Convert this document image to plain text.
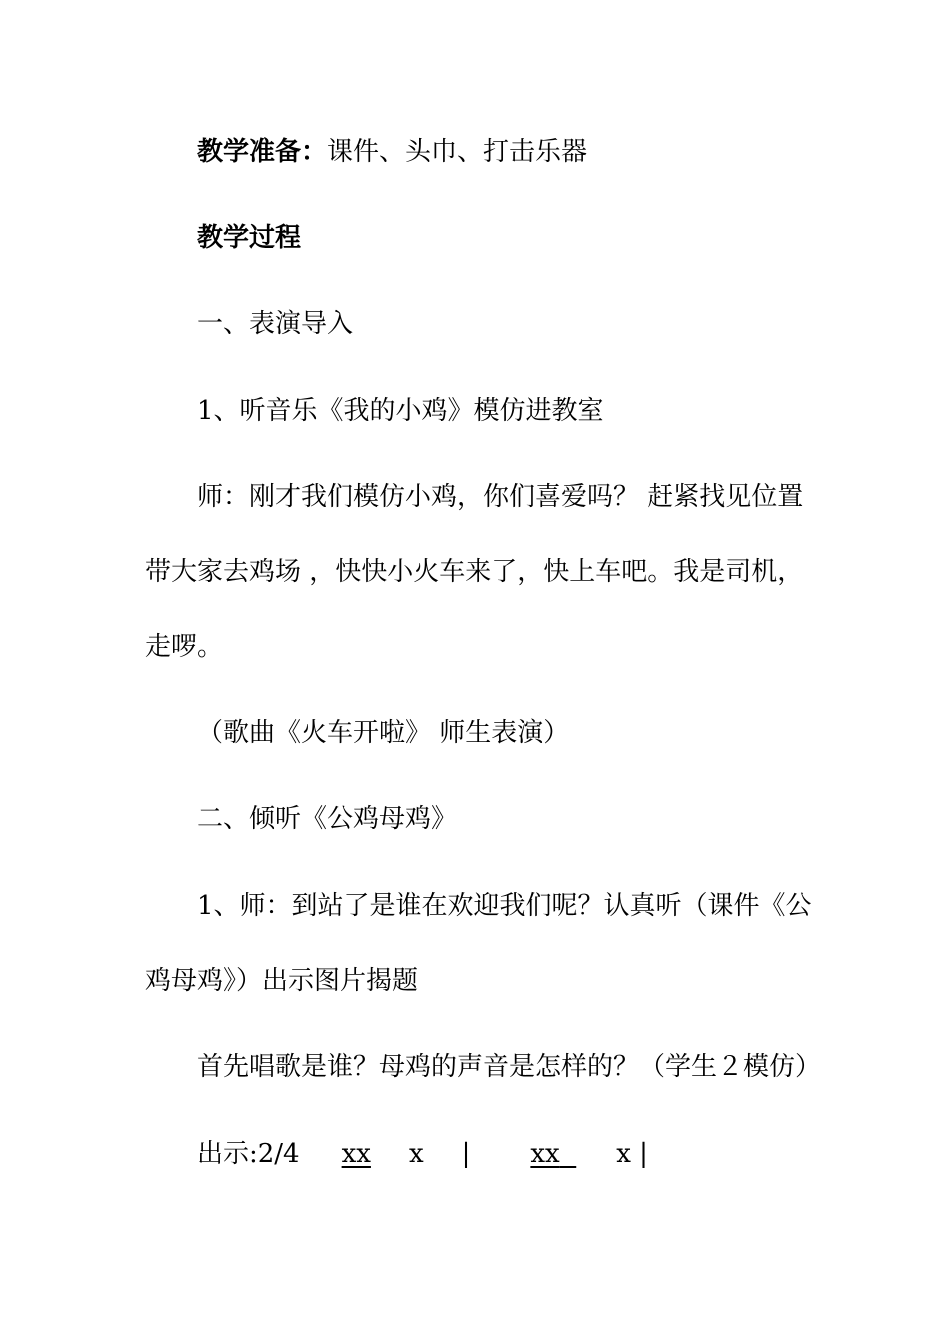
教学准备：课件、头巾、打击乐器
教学过程
一、表演导入
1、听音乐《我的小鸡》模仿进教室
师：刚才我们模仿小鸡，你们喜爱吗？ 赶紧找见位置
带大家去鸡场 ，快快小火车来了，快上车吧。我是司机，
走啰。
（歌曲《火车开啦》 师生表演）
二、倾听《公鸡母鸡》
1、师：到站了是谁在欢迎我们呢？认真听（课件《公
鸡母鸡》）出示图片揭题
首先唱歌是谁？母鸡的声音是怎样的？（学生２模仿）
出示:2/4 xx x | xx x |
